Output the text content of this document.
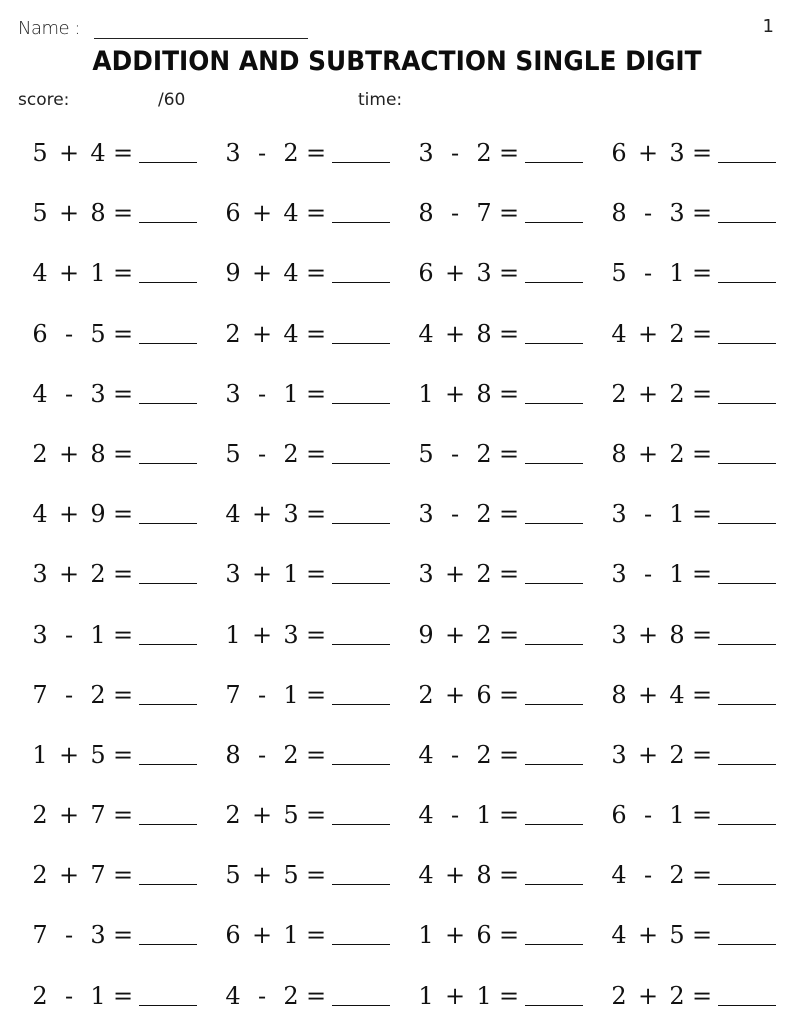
Name :	1
ADDITION AND SUBTRACTION SINGLE DIGIT
score:	/60	time:
5 + 4 =	3 - 2 =	3 - 2 =	6 + 3 =
5 + 8 =	6 + 4 =	8 - 7 =	8 - 3 =
4 + 1 =	9 + 4 =	6 + 3 =	5 - 1 =
6 - 5 =	2 + 4 =	4 + 8 =	4 + 2 =
4 - 3 =	3 - 1 =	1 + 8 =	2 + 2 =
2 + 8 =	5 - 2 =	5 - 2 =	8 + 2 =
4 + 9 =	4 + 3 =	3 - 2 =	3 - 1 =
3 + 2 =	3 + 1 =	3 + 2 =	3 - 1 =
3 - 1 =	1 + 3 =	9 + 2 =	3 + 8 =
7 - 2 =	7 - 1 =	2 + 6 =	8 + 4 =
1 + 5 =	8 - 2 =	4 - 2 =	3 + 2 =
2 + 7 =	2 + 5 =	4 - 1 =	6 - 1 =
2 + 7 =	5 + 5 =	4 + 8 =	4 - 2 =
7 - 3 =	6 + 1 =	1 + 6 =	4 + 5 =
2 - 1 =	4 - 2 =	1 + 1 =	2 + 2 =
